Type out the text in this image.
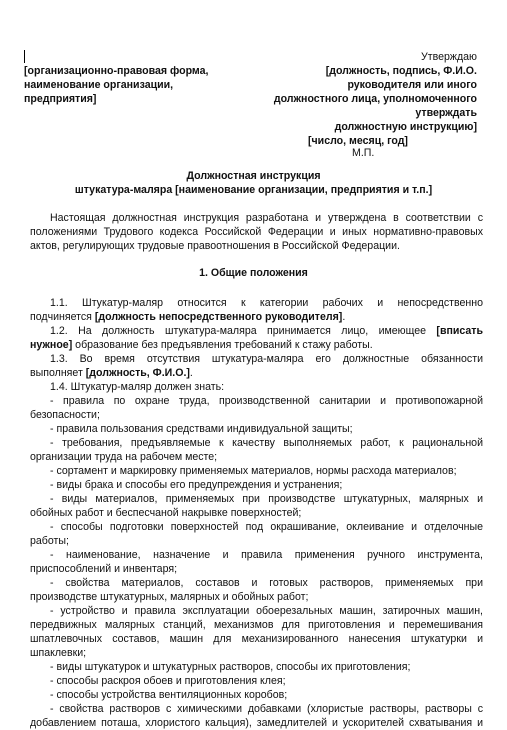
[организационно-правовая форма,
наименование организации,
предприятия]
Утверждаю
[должность, подпись, Ф.И.О.
руководителя или иного
должностного лица, уполномоченного
утверждать
должностную инструкцию]
[число, месяц, год]
М.П.
Должностная инструкция
штукатура-маляра [наименование организации, предприятия и т.п.]
Настоящая должностная инструкция разработана и утверждена в соответствии с
положениями Трудового кодекса Российской Федерации и иных нормативно-правовых
актов, регулирующих трудовые правоотношения в Российской Федерации.
1. Общие положения
1.1. Штукатур-маляр относится к категории рабочих и непосредственно
подчиняется [должность непосредственного руководителя].
1.2. На должность штукатура-маляра принимается лицо, имеющее [вписать
нужное] образование без предъявления требований к стажу работы.
1.3. Во время отсутствия штукатура-маляра его должностные обязанности
выполняет [должность, Ф.И.О.].
1.4. Штукатур-маляр должен знать:
- правила по охране труда, производственной санитарии и противопожарной
безопасности;
- правила пользования средствами индивидуальной защиты;
- требования, предъявляемые к качеству выполняемых работ, к рациональной
организации труда на рабочем месте;
- сортамент и маркировку применяемых материалов, нормы расхода материалов;
- виды брака и способы его предупреждения и устранения;
- виды материалов, применяемых при производстве штукатурных, малярных и
обойных работ и беспесчаной накрывке поверхностей;
- способы подготовки поверхностей под окрашивание, оклеивание и отделочные
работы;
- наименование, назначение и правила применения ручного инструмента,
приспособлений и инвентаря;
- свойства материалов, составов и готовых растворов, применяемых при
производстве штукатурных, малярных и обойных работ;
- устройство и правила эксплуатации обоерезальных машин, затирочных машин,
передвижных малярных станций, механизмов для приготовления и перемешивания
шпатлевочных составов, машин для механизированного нанесения штукатурки и
шпаклевки;
- виды штукатурок и штукатурных растворов, способы их приготовления;
- способы раскроя обоев и приготовления клея;
- способы устройства вентиляционных коробов;
- свойства растворов с химическими добавками (хлористые растворы, растворы с
добавлением поташа, хлористого кальция), замедлителей и ускорителей схватывания и
